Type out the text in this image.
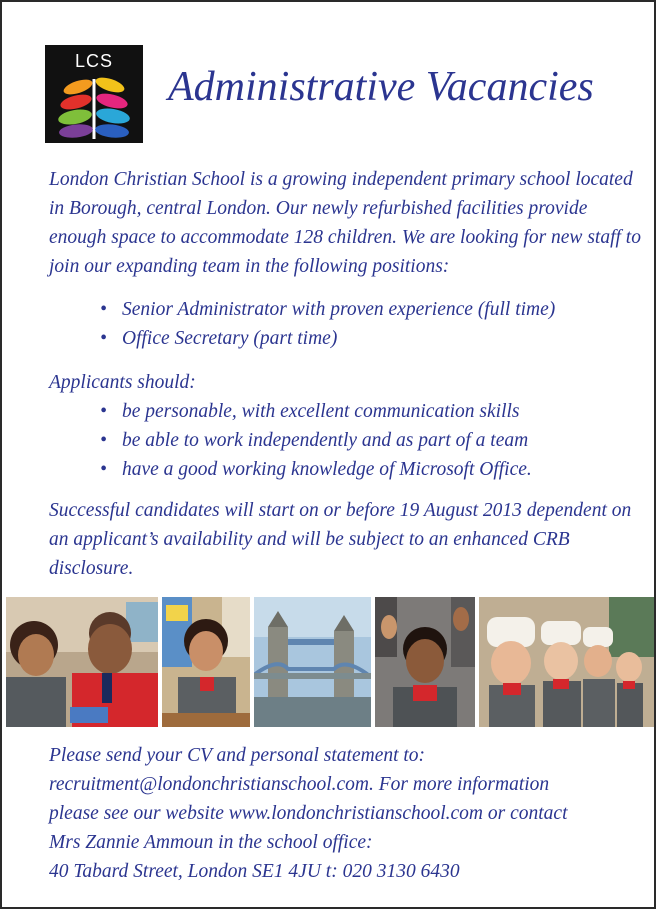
LCS
Administrative Vacancies

London Christian School is a growing independent primary school located in Borough, central London. Our newly refurbished facilities provide enough space to accommodate 128 children. We are looking for new staff to join our expanding team in the following positions:

• Senior Administrator with proven experience (full time)
• Office Secretary (part time)

Applicants should:

• be personable, with excellent communication skills
• be able to work independently and as part of a team
• have a good working knowledge of Microsoft Office.

Successful candidates will start on or before 19 August 2013 dependent on an applicant’s availability and will be subject to an enhanced CRB disclosure.

Please send your CV and personal statement to:
recruitment@londonchristianschool.com. For more information
please see our website www.londonchristianschool.com or contact
Mrs Zannie Ammoun in the school office:
40 Tabard Street, London SE1 4JU t: 020 3130 6430
